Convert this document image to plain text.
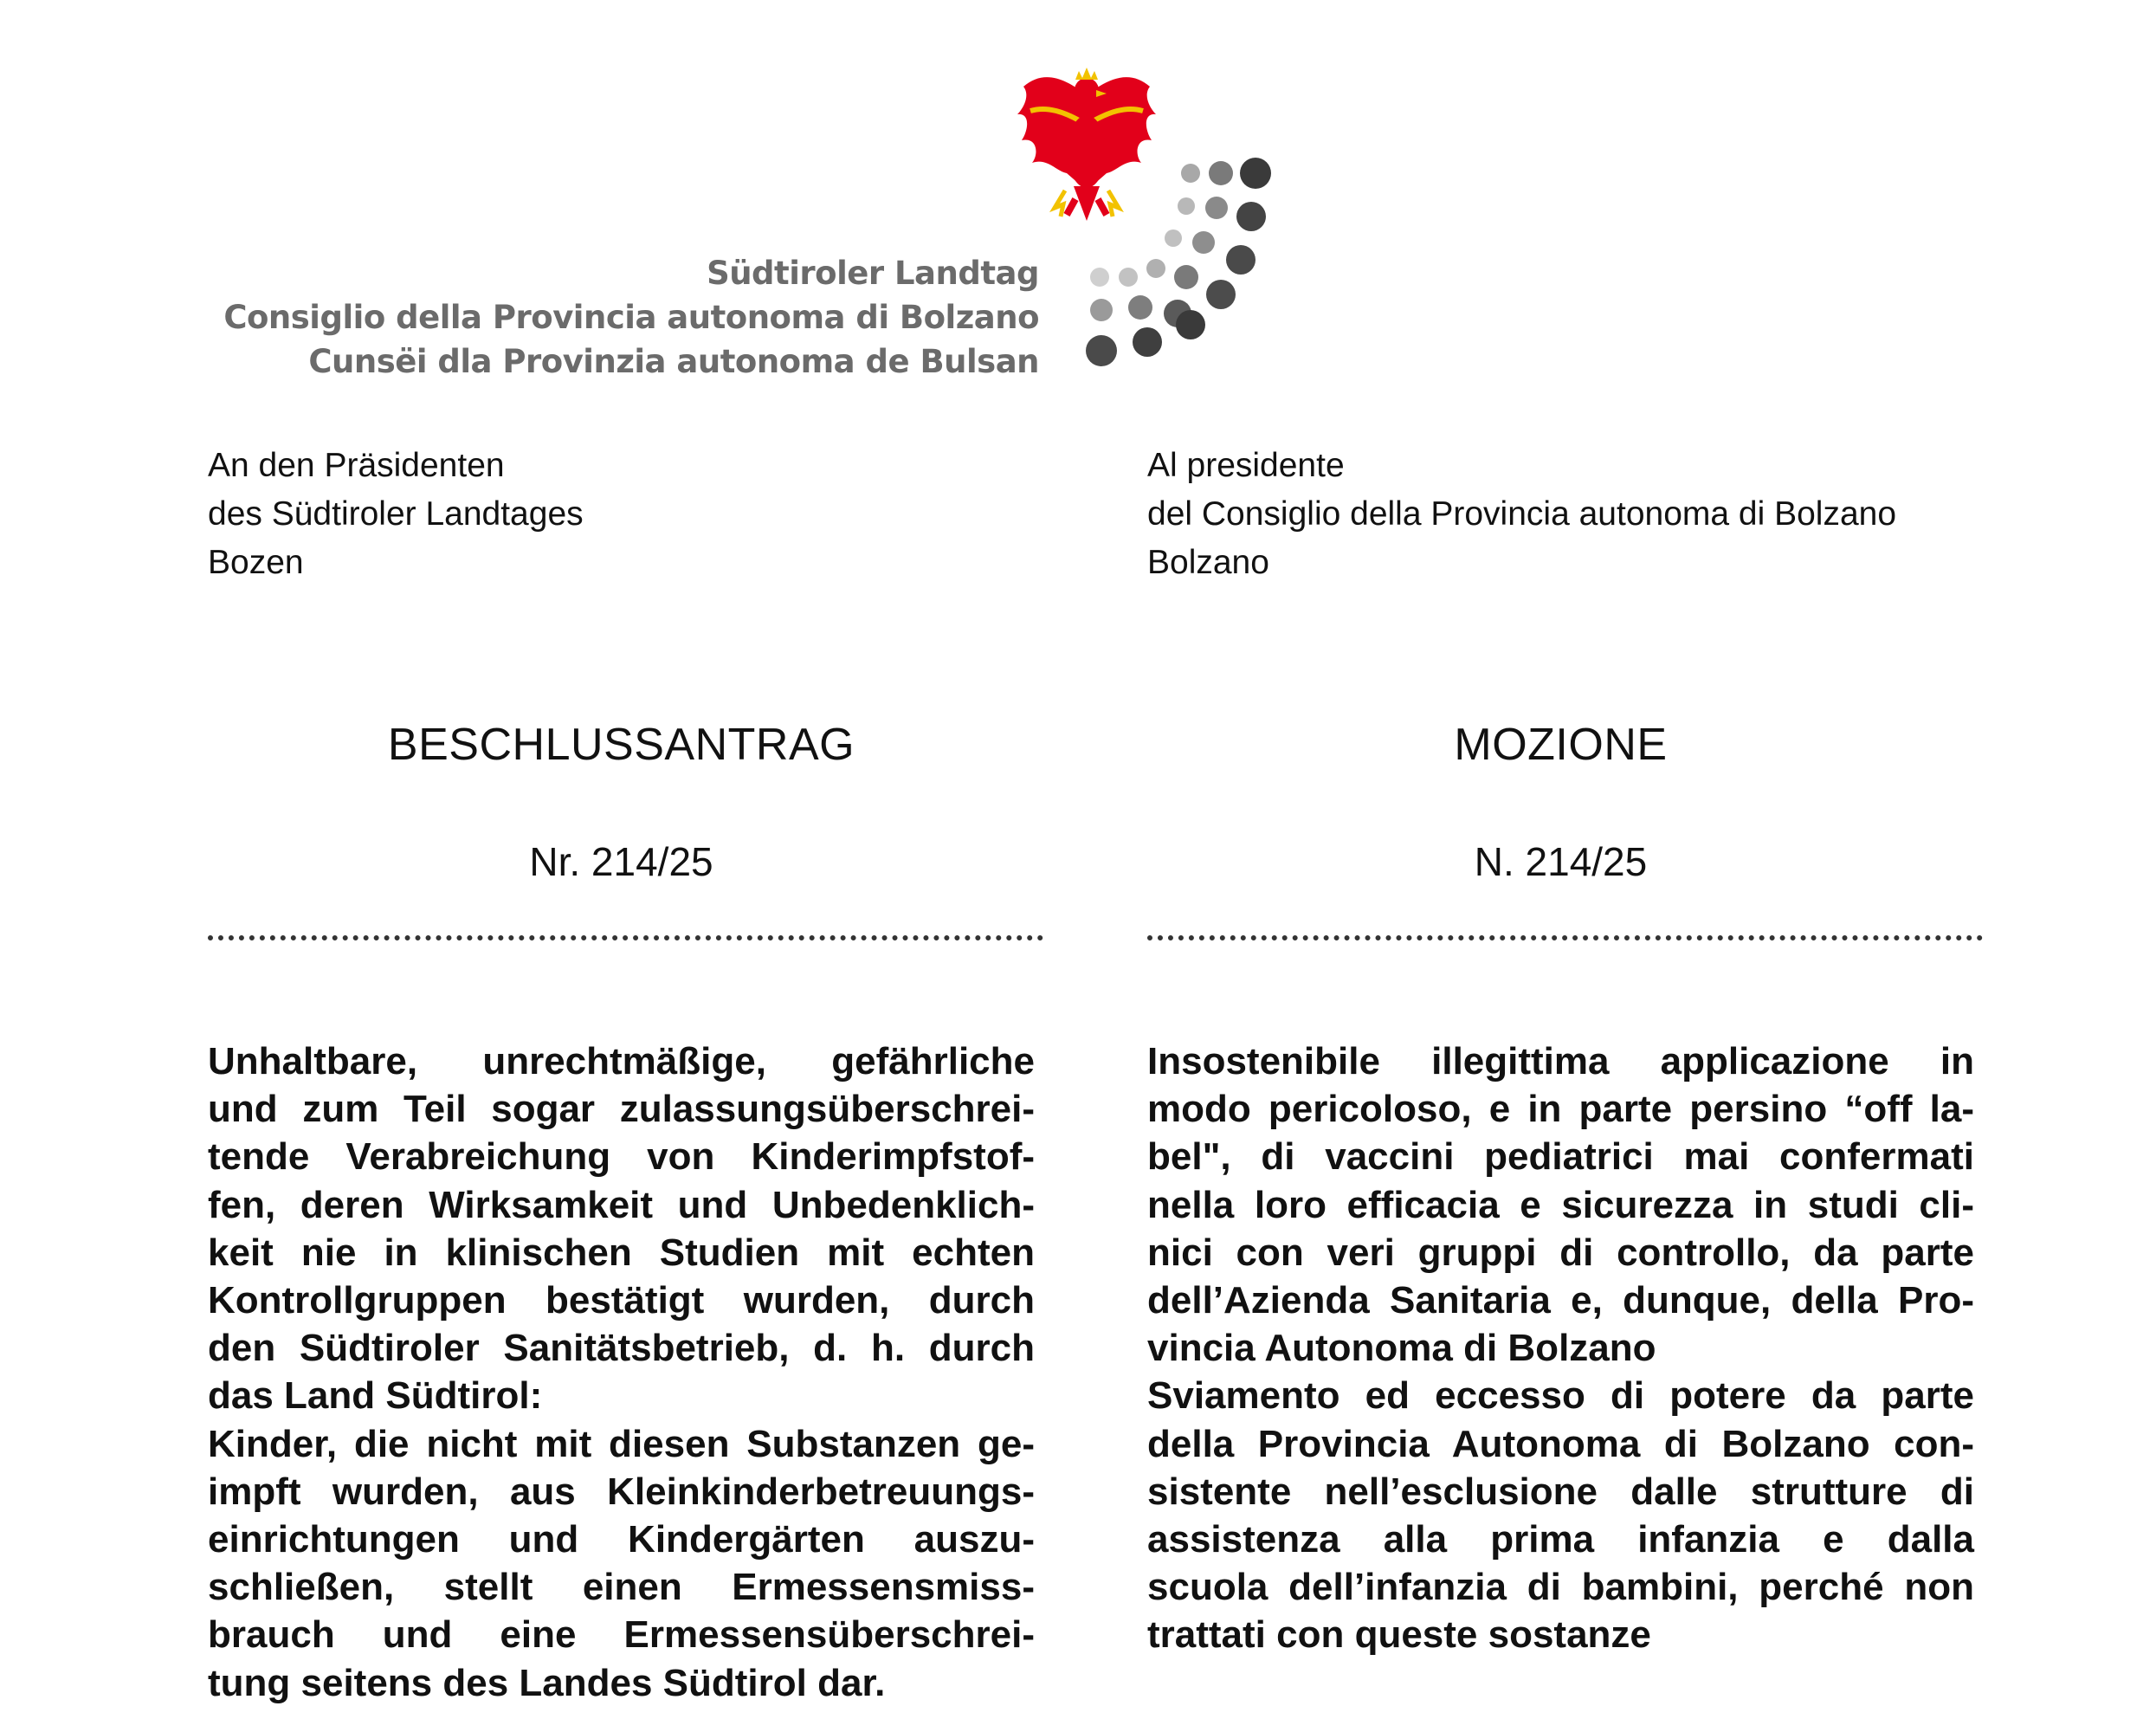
Südtiroler Landtag
Consiglio della Provincia autonoma di Bolzano
Cunsëi dla Provinzia autonoma de Bulsan
An den Präsidenten
des Südtiroler Landtages
Bozen
BESCHLUSSANTRAG
Nr. 214/25
Unhaltbare, unrechtmäßige, gefährliche
und zum Teil sogar zulassungsüberschrei-
tende Verabreichung von Kinderimpfstof-
fen, deren Wirksamkeit und Unbedenklich-
keit nie in klinischen Studien mit echten
Kontrollgruppen bestätigt wurden, durch
den Südtiroler Sanitätsbetrieb, d. h. durch
das Land Südtirol:
Kinder, die nicht mit diesen Substanzen ge-
impft wurden, aus Kleinkinderbetreuungs-
einrichtungen und Kindergärten auszu-
schließen, stellt einen Ermessensmiss-
brauch und eine Ermessensüberschrei-
tung seitens des Landes Südtirol dar.
Al presidente
del Consiglio della Provincia autonoma di Bolzano
Bolzano
MOZIONE
N. 214/25
Insostenibile illegittima applicazione in
modo pericoloso, e in parte persino “off la-
bel", di vaccini pediatrici mai confermati
nella loro efficacia e sicurezza in studi cli-
nici con veri gruppi di controllo, da parte
dell’Azienda Sanitaria e, dunque, della Pro-
vincia Autonoma di Bolzano
Sviamento ed eccesso di potere da parte
della Provincia Autonoma di Bolzano con-
sistente nell’esclusione dalle strutture di
assistenza alla prima infanzia e dalla
scuola dell’infanzia di bambini, perché non
trattati con queste sostanze
